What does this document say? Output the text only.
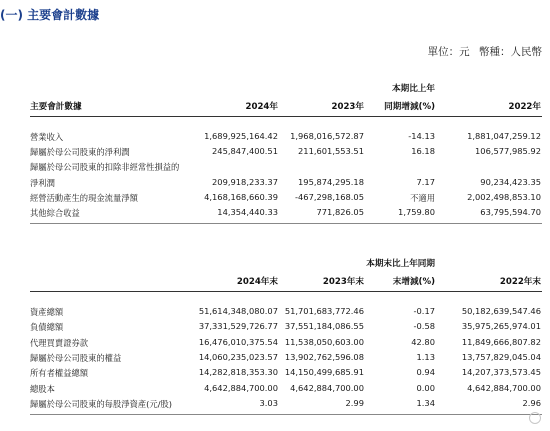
(一) 主要會計數據
單位：元 幣種：人民幣
本期比上年
主要會計數據	2024年	2023年 同期增減(%)	2022年
營業收入	1,689,925,164.42 1,968,016,572.87	-14.13	1,881,047,259.12
歸屬於母公司股東的淨利潤	245,847,400.51 211,601,553.51	16.18	106,577,985.92
歸屬於母公司股東的扣除非經常性損益的
淨利潤	209,918,233.37 195,874,295.18	7.17	90,234,423.35
經營活動產生的現金流量淨額	4,168,168,660.39 -467,298,168.05	不適用	2,002,498,853.10
其他綜合收益	14,354,440.33	771,826.05	1,759.80	63,795,594.70
本期末比上年同期
2024年末	2023年末	末增減(%)	2022年末
資產總額	51,614,348,080.07 51,701,683,772.46	-0.17	50,182,639,547.46
負債總額	37,331,529,726.77 37,551,184,086.55	-0.58	35,975,265,974.01
代理買賣證券款	16,476,010,375.54 11,538,050,603.00	42.80	11,849,666,807.82
歸屬於母公司股東的權益	14,060,235,023.57 13,902,762,596.08	1.13	13,757,829,045.04
所有者權益總額	14,282,818,353.30 14,150,499,685.91	0.94	14,207,373,573.45
總股本	4,642,884,700.00 4,642,884,700.00	0.00	4,642,884,700.00
歸屬於母公司股東的每股淨資產(元/股)	3.03	2.99	1.34	2.96
